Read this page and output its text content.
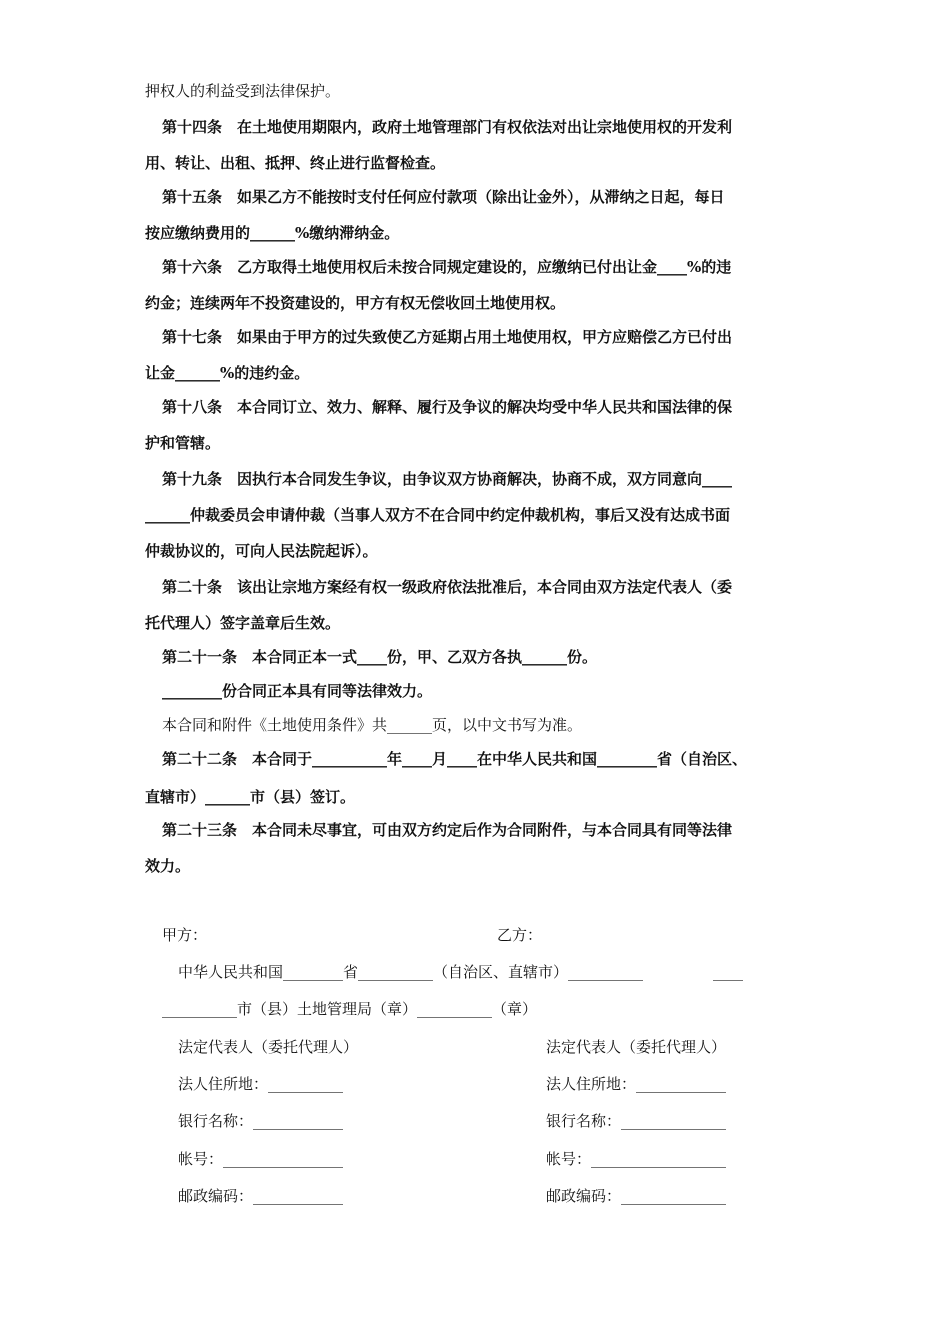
押权人的利益受到法律保护。
第十四条　在土地使用期限内，政府土地管理部门有权依法对出让宗地使用权的开发利
用、转让、出租、抵押、终止进行监督检查。
第十五条　如果乙方不能按时支付任何应付款项（除出让金外），从滞纳之日起，每日
按应缴纳费用的______%缴纳滞纳金。
第十六条　乙方取得土地使用权后未按合同规定建设的，应缴纳已付出让金____%的违
约金；连续两年不投资建设的，甲方有权无偿收回土地使用权。
第十七条　如果由于甲方的过失致使乙方延期占用土地使用权，甲方应赔偿乙方已付出
让金______%的违约金。
第十八条　本合同订立、效力、解释、履行及争议的解决均受中华人民共和国法律的保
护和管辖。
第十九条　因执行本合同发生争议，由争议双方协商解决，协商不成，双方同意向____
______仲裁委员会申请仲裁（当事人双方不在合同中约定仲裁机构，事后又没有达成书面
仲裁协议的，可向人民法院起诉）。
第二十条　该出让宗地方案经有权一级政府依法批准后，本合同由双方法定代表人（委
托代理人）签字盖章后生效。
第二十一条　本合同正本一式____份，甲、乙双方各执______份。
________份合同正本具有同等法律效力。
本合同和附件《土地使用条件》共______页，以中文书写为准。
第二十二条　本合同于__________年____月____在中华人民共和国________省（自治区、
直辖市）______市（县）签订。
第二十三条　本合同未尽事宜，可由双方约定后作为合同附件，与本合同具有同等法律
效力。
甲方：	乙方：
中华人民共和国________省__________（自治区、直辖市）__________	____
__________市（县）土地管理局（章）__________（章）
法定代表人（委托代理人）	法定代表人（委托代理人）
法人住所地：__________	法人住所地：____________
银行名称：____________	银行名称：______________
帐号：________________	帐号：__________________
邮政编码：____________	邮政编码：______________
